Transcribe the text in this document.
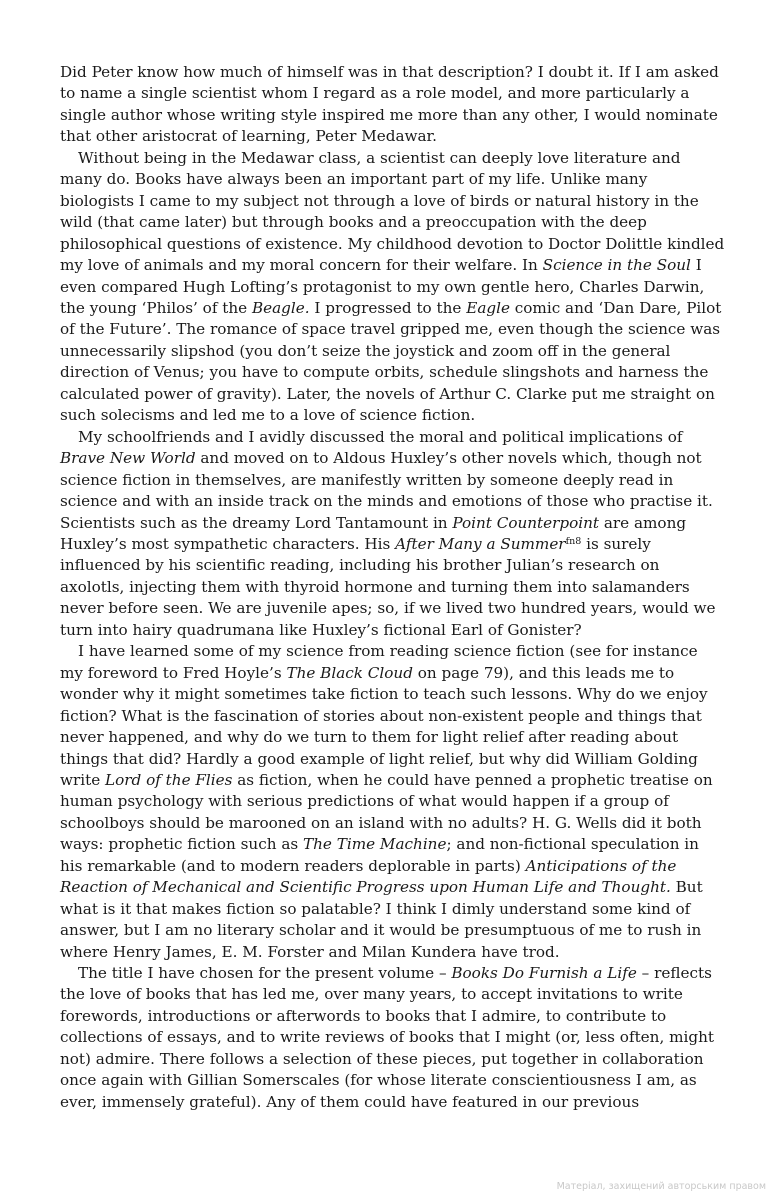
Did Peter know how much of himself was in that description? I doubt it. If I am asked to name a single scientist whom I regard as a role model, and more particularly a single author whose writing style inspired me more than any other, I would nominate that other aristocrat of learning, Peter Medawar.

Without being in the Medawar class, a scientist can deeply love literature and many do. Books have always been an important part of my life. Unlike many biologists I came to my subject not through a love of birds or natural history in the wild (that came later) but through books and a preoccupation with the deep philosophical questions of existence. My childhood devotion to Doctor Dolittle kindled my love of animals and my moral concern for their welfare. In Science in the Soul I even compared Hugh Lofting’s protagonist to my own gentle hero, Charles Darwin, the young ‘Philos’ of the Beagle. I progressed to the Eagle comic and ‘Dan Dare, Pilot of the Future’. The romance of space travel gripped me, even though the science was unnecessarily slipshod (you don’t seize the joystick and zoom off in the general direction of Venus; you have to compute orbits, schedule slingshots and harness the calculated power of gravity). Later, the novels of Arthur C. Clarke put me straight on such solecisms and led me to a love of science fiction.

My schoolfriends and I avidly discussed the moral and political implications of Brave New World and moved on to Aldous Huxley’s other novels which, though not science fiction in themselves, are manifestly written by someone deeply read in science and with an inside track on the minds and emotions of those who practise it. Scientists such as the dreamy Lord Tantamount in Point Counterpoint are among Huxley’s most sympathetic characters. His After Many a Summer$^{fn8}$ is surely influenced by his scientific reading, including his brother Julian’s research on axolotls, injecting them with thyroid hormone and turning them into salamanders never before seen. We are juvenile apes; so, if we lived two hundred years, would we turn into hairy quadrumana like Huxley’s fictional Earl of Gonister?

I have learned some of my science from reading science fiction (see for instance my foreword to Fred Hoyle’s The Black Cloud on page 79), and this leads me to wonder why it might sometimes take fiction to teach such lessons. Why do we enjoy fiction? What is the fascination of stories about non-existent people and things that never happened, and why do we turn to them for light relief after reading about things that did? Hardly a good example of light relief, but why did William Golding write Lord of the Flies as fiction, when he could have penned a prophetic treatise on human psychology with serious predictions of what would happen if a group of schoolboys should be marooned on an island with no adults? H. G. Wells did it both ways: prophetic fiction such as The Time Machine; and non-fictional speculation in his remarkable (and to modern readers deplorable in parts) Anticipations of the Reaction of Mechanical and Scientific Progress upon Human Life and Thought. But what is it that makes fiction so palatable? I think I dimly understand some kind of answer, but I am no literary scholar and it would be presumptuous of me to rush in where Henry James, E. M. Forster and Milan Kundera have trod.

The title I have chosen for the present volume – Books Do Furnish a Life – reflects the love of books that has led me, over many years, to accept invitations to write forewords, introductions or afterwords to books that I admire, to contribute to collections of essays, and to write reviews of books that I might (or, less often, might not) admire. There follows a selection of these pieces, put together in collaboration once again with Gillian Somerscales (for whose literate conscientiousness I am, as ever, immensely grateful). Any of them could have featured in our previous

Матеріал, захищений авторським правом
